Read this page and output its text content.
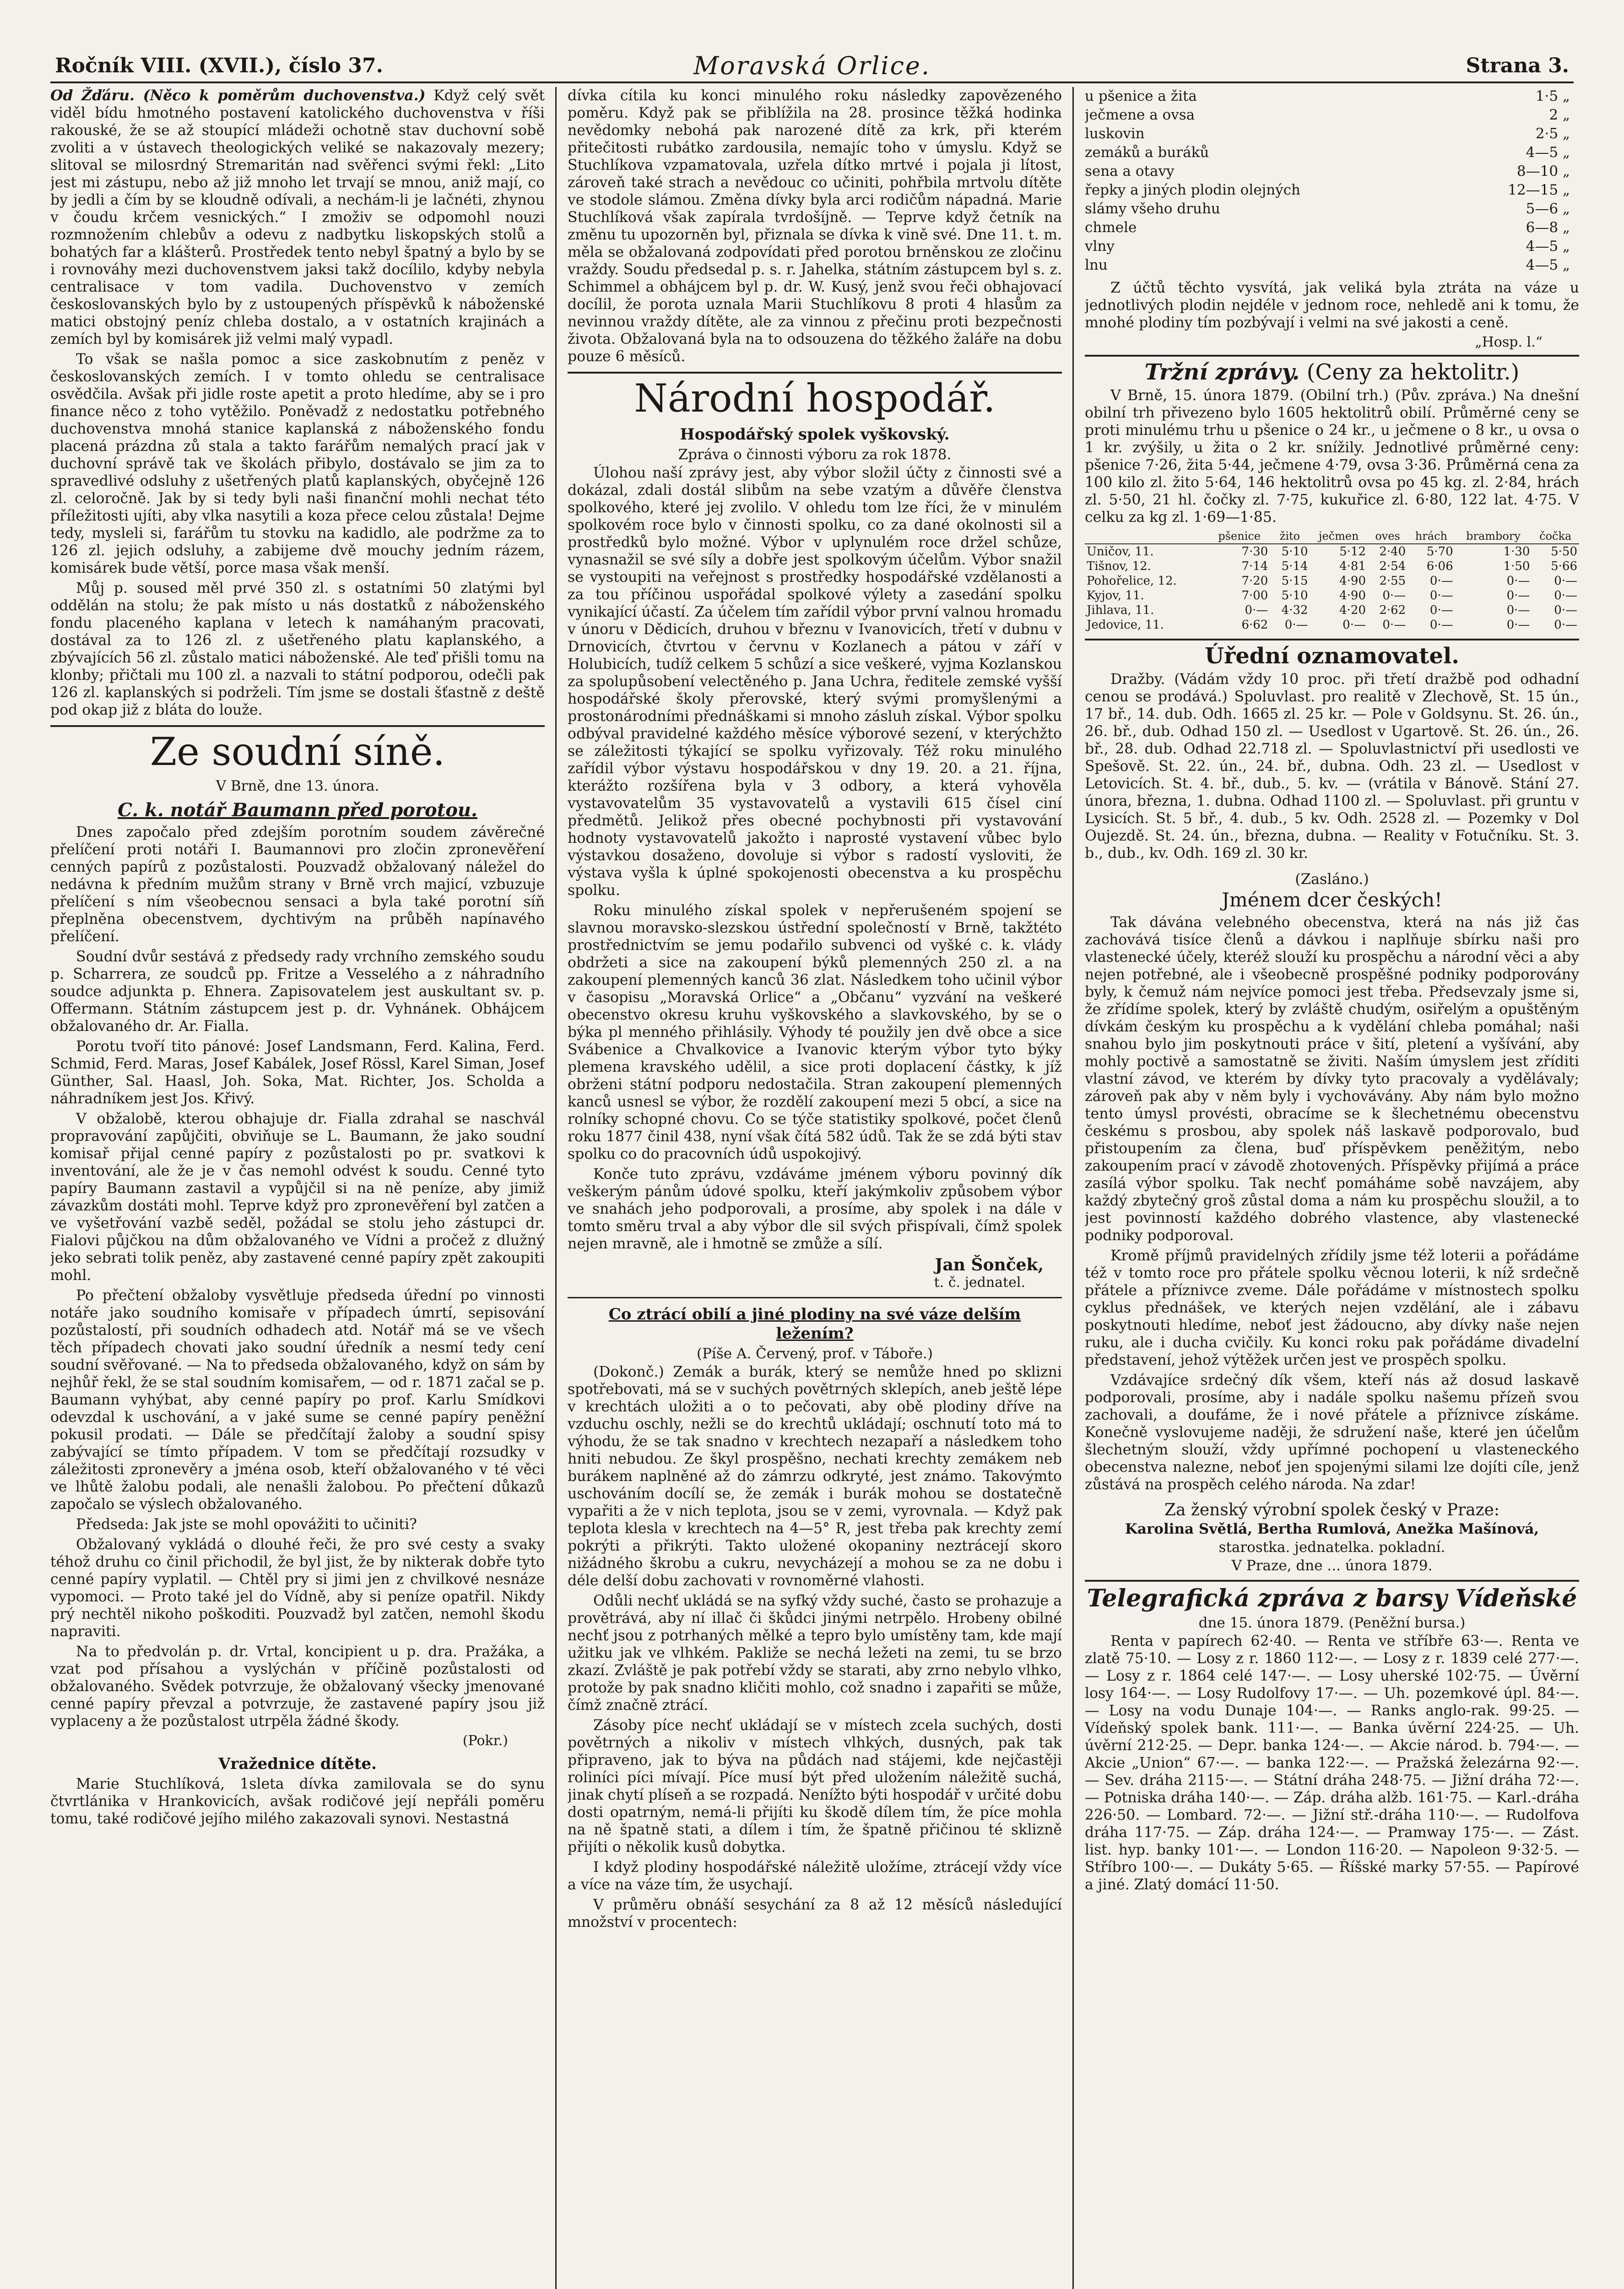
Ročník VIII. (XVII.), číslo 37.	Moravská Orlice.	Strana 3.

Od Žďáru. (Něco k poměrům duchovenstva.) Když celý svět viděl bídu hmotného postavení katolického duchovenstva v říši rakouské, že se až stoupící mládeži ochotně stav duchovní sobě zvoliti a v ústavech theologických veliké se nakazovaly mezery; slitoval se milosrdný Stremaritán nad svěřenci svými řekl: „Lito jest mi zástupu, nebo až již mnoho let trvají se mnou, aniž mají, co by jedli a čím by se kloudně odívali, a nechám-li je lačnéti, zhynou v čoudu krčem vesnických.“ I zmoživ se odpomohl nouzi rozmnožením chlebův a odevu z nadbytku liskopských stolů a bohatých far a klášterů. Prostředek tento nebyl špatný a bylo by se i rovnováhy mezi duchovenstvem jaksi takž docílilo, kdyby nebyla centralisace v tom vadila. Duchovenstvo v zemích českoslovanských bylo by z ustoupených příspěvků k náboženské matici obstojný peníz chleba dostalo, a v ostatních krajinách a zemích byl by komisárek již velmi malý vypadl.

To však se našla pomoc a sice zaskobnutím z peněz v českoslovanských zemích. I v tomto ohledu se centralisace osvědčila. Avšak při jidle roste apetit a proto hledíme, aby se i pro finance něco z toho vytěžilo. Poněvadž z nedostatku potřebného duchovenstva mnohá stanice kaplanská z náboženského fondu placená prázdna zů stala a takto farářům nemalých prací jak v duchovní správě tak ve školách přibylo, dostávalo se jim za to spravedlivé odsluhy z ušetřených platů kaplanských, obyčejně 126 zl. celoročně. Jak by si tedy byli naši finanční mohli nechat této příležitosti ujíti, aby vlka nasytili a koza přece celou zůstala! Dejme tedy, mysleli si, farářům tu stovku na kadidlo, ale podržme za to 126 zl. jejich odsluhy, a zabijeme dvě mouchy jedním rázem, komisárek bude větší, porce masa však menší.

Můj p. soused měl prvé 350 zl. s ostatními 50 zlatými byl oddělán na stolu; že pak místo u nás dostatků z náboženského fondu placeného kaplana v letech k namáhaným pracovati, dostával za to 126 zl. z ušetřeného platu kaplanského, a zbývajících 56 zl. zůstalo matici náboženské. Ale teď přišli tomu na klonby; přičtali mu 100 zl. a nazvali to státní podporou, odečli pak 126 zl. kaplanských si podrželi. Tím jsme se dostali šťastně z deště pod okap již z bláta do louže.

Ze soudní síně.
V Brně, dne 13. února.
C. k. notář Baumann před porotou.

Dnes započalo před zdejším porotním soudem závěrečné přelíčení proti notáři I. Baumannovi pro zločin zpronevěření cenných papírů z pozůstalosti. Pouzvadž obžalovaný náležel do nedávna k předním mužům strany v Brně vrch majicí, vzbuzuje přelíčení s ním všeobecnou sensaci a byla také porotní síň přeplněna obecenstvem, dychtivým na průběh napínavého přelíčení.

Soudní dvůr sestává z předsedy rady vrchního zemského soudu p. Scharrera, ze soudců pp. Fritze a Vesselého a z náhradního soudce adjunkta p. Ehnera. Zapisovatelem jest auskultant sv. p. Offermann. Státním zástupcem jest p. dr. Vyhnánek. Obhájcem obžalovaného dr. Ar. Fialla.

Porotu tvoří tito pánové: Josef Landsmann, Ferd. Kalina, Ferd. Schmid, Ferd. Maras, Josef Kabálek, Josef Rössl, Karel Siman, Josef Günther, Sal. Haasl, Joh. Soka, Mat. Richter, Jos. Scholda a náhradníkem jest Jos. Křivý.

V obžalobě, kterou obhajuje dr. Fialla zdrahal se naschvál propravování zapůjčiti, obviňuje se L. Baumann, že jako soudní komisař přijal cenné papíry z pozůstalosti po pr. svatkovi k inventování, ale že je v čas nemohl odvést k soudu. Cenné tyto papíry Baumann zastavil a vypůjčil si na ně peníze, aby jimiž závazkům dostáti mohl. Teprve když pro zpronevěření byl zatčen a ve vyšetřování vazbě seděl, požádal se stolu jeho zástupci dr. Fialovi půjčkou na dům obžalovaného ve Vídni a pročež z dlužný jeko sebrati tolik peněz, aby zastavené cenné papíry zpět zakoupiti mohl.

Po přečtení obžaloby vysvětluje předseda úřední po vinnosti notáře jako soudního komisaře v případech úmrtí, sepisování pozůstalostí, při soudních odhadech atd. Notář má se ve všech těch případech chovati jako soudní úředník a nesmí tedy cení soudní svěřované. — Na to předseda obžalovaného, když on sám by nejhůř řekl, že se stal soudním komisařem, — od r. 1871 začal se p. Baumann vyhýbat, aby cenné papíry po prof. Karlu Smídkovi odevzdal k uschování, a v jaké sume se cenné papíry peněžní pokusil prodati. — Dále se předčítají žaloby a soudní spisy zabývající se tímto případem. V tom se předčítají rozsudky v záležitosti zpronevěry a jména osob, kteří obžalovaného v té věci ve lhůtě žalobu podali, ale nenašli žalobou. Po přečtení důkazů započalo se výslech obžalovaného.

Předseda: Jak jste se mohl opovážiti to učiniti?

Obžalovaný vykládá o dlouhé řeči, že pro své cesty a svaky téhož druhu co činil přichodil, že byl jist, že by nikterak dobře tyto cenné papíry vyplatil. — Chtěl pry si jimi jen z chvilkové nesnáze vypomoci. — Proto také jel do Vídně, aby si peníze opatřil. Nikdy prý nechtěl nikoho poškoditi. Pouzvadž byl zatčen, nemohl škodu napraviti.

Na to předvolán p. dr. Vrtal, koncipient u p. dra. Pražáka, a vzat pod přísahou a vyslýchán v příčině pozůstalosti od obžalovaného. Svědek potvrzuje, že obžalovaný všecky jmenované cenné papíry převzal a potvrzuje, že zastavené papíry jsou již vyplaceny a že pozůstalost utrpěla žádné škody.

(Pokr.)
Vražednice dítěte.

Marie Stuchlíková, 1sleta dívka zamilovala se do synu čtvrtlánika v Hrankovicích, avšak rodičové její nepřáli poměru tomu, také rodičové jejího milého zakazovali synovi. Nestastná

dívka cítila ku konci minulého roku následky zapovězeného poměru. Když pak se přiblížila na 28. prosince těžká hodinka nevědomky nebohá pak narozené dítě za krk, při kterém přitečitosti rubátko zardousila, nemajíc toho v úmyslu. Když se Stuchlíkova vzpamatovala, uzřela dítko mrtvé i pojala ji lítost, zároveň také strach a nevědouc co učiniti, pohřbila mrtvolu dítěte ve stodole slámou. Změna dívky byla arci rodičům nápadná. Marie Stuchlíková však zapírala tvrdošíjně. — Teprve když četník na změnu tu upozorněn byl, přiznala se dívka k vině své. Dne 11. t. m. měla se obžalovaná zodpovídati před porotou brněnskou ze zločinu vraždy. Soudu předsedal p. s. r. Jahelka, státním zástupcem byl s. z. Schimmel a obhájcem byl p. dr. W. Kusý, jenž svou řeči obhajovací docílil, že porota uznala Marii Stuchlíkovu 8 proti 4 hlasům za nevinnou vraždy dítěte, ale za vinnou z přečinu proti bezpečnosti života. Obžalovaná byla na to odsouzena do těžkého žaláře na dobu pouze 6 měsíců.

Národní hospodář.
Hospodářský spolek vyškovský.
Zpráva o činnosti výboru za rok 1878.

Úlohou naší zprávy jest, aby výbor složil účty z činnosti své a dokázal, zdali dostál slibům na sebe vzatým a důvěře členstva spolkového, které jej zvolilo. V ohledu tom lze říci, že v minulém spolkovém roce bylo v činnosti spolku, co za dané okolnosti sil a prostředků bylo možné. Výbor v uplynulém roce držel schůze, vynasnažil se své síly a dobře jest spolkovým účelům. Výbor snažil se vystoupiti na veřejnost s prostředky hospodářské vzdělanosti a za tou příčinou uspořádal spolkové výlety a zasedání spolku vynikající účastí. Za účelem tím zařídil výbor první valnou hromadu v únoru v Dědicích, druhou v březnu v Ivanovicích, třetí v dubnu v Drnovicích, čtvrtou v červnu v Kozlanech a pátou v září v Holubicích, tudíž celkem 5 schůzí a sice veškeré, vyjma Kozlanskou za spolupůsobení velectěného p. Jana Uchra, ředitele zemské vyšší hospodářské školy přerovské, který svými promyšlenými a prostonárodními přednáškami si mnoho zásluh získal. Výbor spolku odbýval pravidelné každého měsíce výborové sezení, v kterýchžto se záležitosti týkající se spolku vyřizovaly. Též roku minulého zařídil výbor výstavu hospodářskou v dny 19. 20. a 21. října, kterážto rozšířena byla v 3 odbory, a která vyhověla vystavovatelům 35 vystavovatelů a vystavili 615 čísel ciní předmětů. Jelikož přes obecné pochybnosti při vystavování hodnoty vystavovatelů jakožto i naprosté vystavení vůbec bylo výstavkou dosaženo, dovoluje si výbor s radostí vysloviti, že výstava vyšla k úplné spokojenosti obecenstva a ku prospěchu spolku.

Roku minulého získal spolek v nepřerušeném spojení se slavnou moravsko-slezskou ústřední společností v Brně, takžtéto prostřednictvím se jemu podařilo subvenci od vyšké c. k. vlády obdržeti a sice na zakoupení býků plemenných 250 zl. a na zakoupení plemenných kanců 36 zlat. Následkem toho učinil výbor v časopisu „Moravská Orlice“ a „Občanu“ vyzvání na veškeré obecenstvo okresu kruhu vyškovského a slavkovského, by se o býka pl menného přihlásily. Výhody té použily jen dvě obce a sice Svábenice a Chvalkovice a Ivanovic kterým výbor tyto býky plemena kravského udělil, a sice proti doplacení částky, k jíž obrženi státní podporu nedostačila. Stran zakoupení plemenných kanců usnesl se výbor, že rozdělí zakoupení mezi 5 obcí, a sice na rolníky schopné chovu. Co se týče statistiky spolkové, počet členů roku 1877 činil 438, nyní však čítá 582 údů. Tak že se zdá býti stav spolku co do pracovních údů uspokojivý.

Konče tuto zprávu, vzdáváme jménem výboru povinný dík veškerým pánům údové spolku, kteří jakýmkoliv způsobem výbor ve snahách jeho podporovali, a prosíme, aby spolek i na dále v tomto směru trval a aby výbor dle sil svých přispívali, čímž spolek nejen mravně, ale i hmotně se zmůže a sílí.

Jan Šonček,
t. č. jednatel.
Co ztrácí obilí a jiné plodiny na své váze delším ležením?
(Píše A. Červený, prof. v Táboře.)

(Dokonč.) Zemák a burák, který se nemůže hned po sklizni spotřebovati, má se v suchých povětrných sklepích, aneb ještě lépe v krechtách uložiti a o to pečovati, aby obě plodiny dříve na vzduchu oschly, nežli se do krechtů ukládají; oschnutí toto má to výhodu, že se tak snadno v krechtech nezapaří a následkem toho hniti nebudou. Ze škyl prospěšno, nechati krechty zemákem neb burákem naplněné až do zámrzu odkryté, jest známo. Takovýmto uschováním docílí se, že zemák i burák mohou se dostatečně vypařiti a že v nich teplota, jsou se v zemi, vyrovnala. — Když pak teplota klesla v krechtech na 4—5° R, jest třeba pak krechty zemí pokrýti a přikrýti. Takto uložené okopaniny neztrácejí skoro nižádného škrobu a cukru, nevycházejí a mohou se za ne dobu i déle delší dobu zachovati v rovnoměrné vlahosti.

Odůli nechť ukládá se na syfký vždy suché, často se prohazuje a provětrává, aby ní illač či škůdci jinými netrpělo. Hrobeny obilné nechť jsou z potrhaných mělké a tepro bylo umístěny tam, kde mají užitku jak ve vlhkém. Pakliže se nechá ležeti na zemi, tu se brzo zkazí. Zvláště je pak potřebí vždy se starati, aby zrno nebylo vlhko, protože by pak snadno kličiti mohlo, což snadno i zapařiti se může, čímž značně ztrácí.

Zásoby píce nechť ukládají se v místech zcela suchých, dosti povětrných a nikoliv v místech vlhkých, dusných, pak tak připraveno, jak to býva na půdách nad stájemi, kde nejčastěji roliníci píci mívají. Píce musí být před uložením náležitě suchá, jinak chytí plíseň a se rozpadá. Nenížto býti hospodář v určité dobu dosti opatrným, nemá-li přijíti ku škodě dílem tím, že píce mohla na ně špatně stati, a dílem i tím, že špatně přičinou té sklizně přijíti o několik kusů dobytka.

I když plodiny hospodářské náležitě uložíme, ztrácejí vždy více a více na váze tím, že usychají.

V průměru obnáší sesychání za 8 až 12 měsíců následující množství v procentech:

u pšenice a žita	1·5 „
ječmene a ovsa	2 „
luskovin	2·5 „
zemáků a buráků	4—5 „
sena a otavy	8—10 „
řepky a jiných plodin olejných	12—15 „
slámy všeho druhu	5—6 „
chmele	6—8 „
vlny	4—5 „
lnu	4—5 „

Z účtů těchto vysvítá, jak veliká byla ztráta na váze u jednotlivých plodin nejdéle v jednom roce, nehledě ani k tomu, že mnohé plodiny tím pozbývají i velmi na své jakosti a ceně.

„Hosp. l.“
Tržní zprávy. (Ceny za hektolitr.)

V Brně, 15. února 1879. (Obilní trh.) (Pův. zpráva.) Na dnešní obilní trh přivezeno bylo 1605 hektolitrů obilí. Průměrné ceny se proti minulému trhu u pšenice o 24 kr., u ječmene o 8 kr., u ovsa o 1 kr. zvýšily, u žita o 2 kr. snížily. Jednotlivé průměrné ceny: pšenice 7·26, žita 5·44, ječmene 4·79, ovsa 3·36. Průměrná cena za 100 kilo zl. žito 5·64, 146 hektolitrů ovsa po 45 kg. zl. 2·84, hrách zl. 5·50, 21 hl. čočky zl. 7·75, kukuřice zl. 6·80, 122 lat. 4·75. V celku za kg zl. 1·69—1·85.

	pšenice	žito	ječmen	oves	hrách	brambory	čočka
Uničov, 11.	7·30	5·10	5·12	2·40	5·70	1·30	5·50
Tišnov, 12.	7·14	5·14	4·81	2·54	6·06	1·50	5·66
Pohořelice, 12.	7·20	5·15	4·90	2·55	0·—	0·—	0·—
Kyjov, 11.	7·00	5·10	4·90	0·—	0·—	0·—	0·—
Jihlava, 11.	0·—	4·32	4·20	2·62	0·—	0·—	0·—
Jedovice, 11.	6·62	0·—	0·—	0·—	0·—	0·—	0·—
Úřední oznamovatel.

Dražby. (Vádám vždy 10 proc. při třetí dražbě pod odhadní cenou se prodává.) Spoluvlast. pro realitě v Zlechově, St. 15 ún., 17 bř., 14. dub. Odh. 1665 zl. 25 kr. — Pole v Goldsynu. St. 26. ún., 26. bř., dub. Odhad 150 zl. — Usedlost v Ugartově. St. 26. ún., 26. bř., 28. dub. Odhad 22.718 zl. — Spoluvlastnictví při usedlosti ve Spešově. St. 22. ún., 24. bř., dubna. Odh. 23 zl. — Usedlost v Letovicích. St. 4. bř., dub., 5. kv. — (vrátila v Bánově. Stání 27. února, března, 1. dubna. Odhad 1100 zl. — Spoluvlast. při gruntu v Lysicích. St. 5 bř., 4. dub., 5 kv. Odh. 2528 zl. — Pozemky v Dol Oujezdě. St. 24. ún., března, dubna. — Reality v Fotučníku. St. 3. b., dub., kv. Odh. 169 zl. 30 kr.

(Zasláno.)
Jménem dcer českých!

Tak dávána velebného obecenstva, která na nás již čas zachovává tisíce členů a dávkou i naplňuje sbírku naši pro vlastenecké účely, kteréž slouží ku prospěchu a národní věci a aby nejen potřebné, ale i všeobecně prospěšné podniky podporovány byly, k čemuž nám nejvíce pomoci jest třeba. Předsevzaly jsme si, že zřídíme spolek, který by zvláště chudým, osiřelým a opuštěným dívkám českým ku prospěchu a k vydělání chleba pomáhal; naši snahou bylo jim poskytnouti práce v šití, pletení a vyšívání, aby mohly poctivě a samostatně se živiti. Naším úmyslem jest zříditi vlastní závod, ve kterém by dívky tyto pracovaly a vydělávaly; zároveň pak aby v něm byly i vychovávány. Aby nám bylo možno tento úmysl provésti, obracíme se k šlechetnému obecenstvu českému s prosbou, aby spolek náš laskavě podporovalo, buď přistoupením za člena, buď příspěvkem peněžitým, nebo zakoupením prací v závodě zhotovených. Příspěvky přijímá a práce zasílá výbor spolku. Tak nechť pomáháme sobě navzájem, aby každý zbytečný groš zůstal doma a nám ku prospěchu sloužil, a to jest povinností každého dobrého vlastence, aby vlastenecké podniky podporoval.

Kromě příjmů pravidelných zřídily jsme též loterii a pořádáme též v tomto roce pro přátele spolku věcnou loterii, k níž srdečně přátele a příznivce zveme. Dále pořádáme v místnostech spolku cyklus přednášek, ve kterých nejen vzdělání, ale i zábavu poskytnouti hledíme, neboť jest žádoucno, aby dívky naše nejen ruku, ale i ducha cvičily. Ku konci roku pak pořádáme divadelní představení, jehož výtěžek určen jest ve prospěch spolku.

Vzdávajíce srdečný dík všem, kteří nás až dosud laskavě podporovali, prosíme, aby i nadále spolku našemu přízeň svou zachovali, a doufáme, že i nové přátele a příznivce získáme. Konečně vyslovujeme naději, že sdružení naše, které jen účelům šlechetným slouží, vždy upřímné pochopení u vlasteneckého obecenstva nalezne, neboť jen spojenými silami lze dojíti cíle, jenž zůstává na prospěch celého národa. Na zdar!

Za ženský výrobní spolek český v Praze:
Karolina Světlá, Bertha Rumlová, Anežka Mašínová,
starostka. jednatelka. pokladní.
V Praze, dne ... února 1879.
Telegrafická zpráva z barsy Vídeňské
dne 15. února 1879. (Peněžní bursa.)

Renta v papírech 62·40. — Renta ve stříbře 63·—. Renta ve zlatě 75·10. — Losy z r. 1860 112·—. — Losy z r. 1839 celé 277·—. — Losy z r. 1864 celé 147·—. — Losy uherské 102·75. — Úvěrní losy 164·—. — Losy Rudolfovy 17·—. — Uh. pozemkové úpl. 84·—. — Losy na vodu Dunaje 104·—. — Ranks anglo-rak. 99·25. — Vídeňský spolek bank. 111·—. — Banka úvěrní 224·25. — Uh. úvěrní 212·25. — Depr. banka 124·—. — Akcie národ. b. 794·—. — Akcie „Union“ 67·—. — banka 122·—. — Pražská železárna 92·—. — Sev. dráha 2115·—. — Státní dráha 248·75. — Jižní dráha 72·—. — Potniska dráha 140·—. — Záp. dráha alžb. 161·75. — Karl.-dráha 226·50. — Lombard. 72·—. — Jižní stř.-dráha 110·—. — Rudolfova dráha 117·75. — Záp. dráha 124·—. — Pramway 175·—. — Zást. list. hyp. banky 101·—. — London 116·20. — Napoleon 9·32·5. — Stříbro 100·—. — Dukáty 5·65. — Říšské marky 57·55. — Papírové a jiné. Zlatý domácí 11·50.
